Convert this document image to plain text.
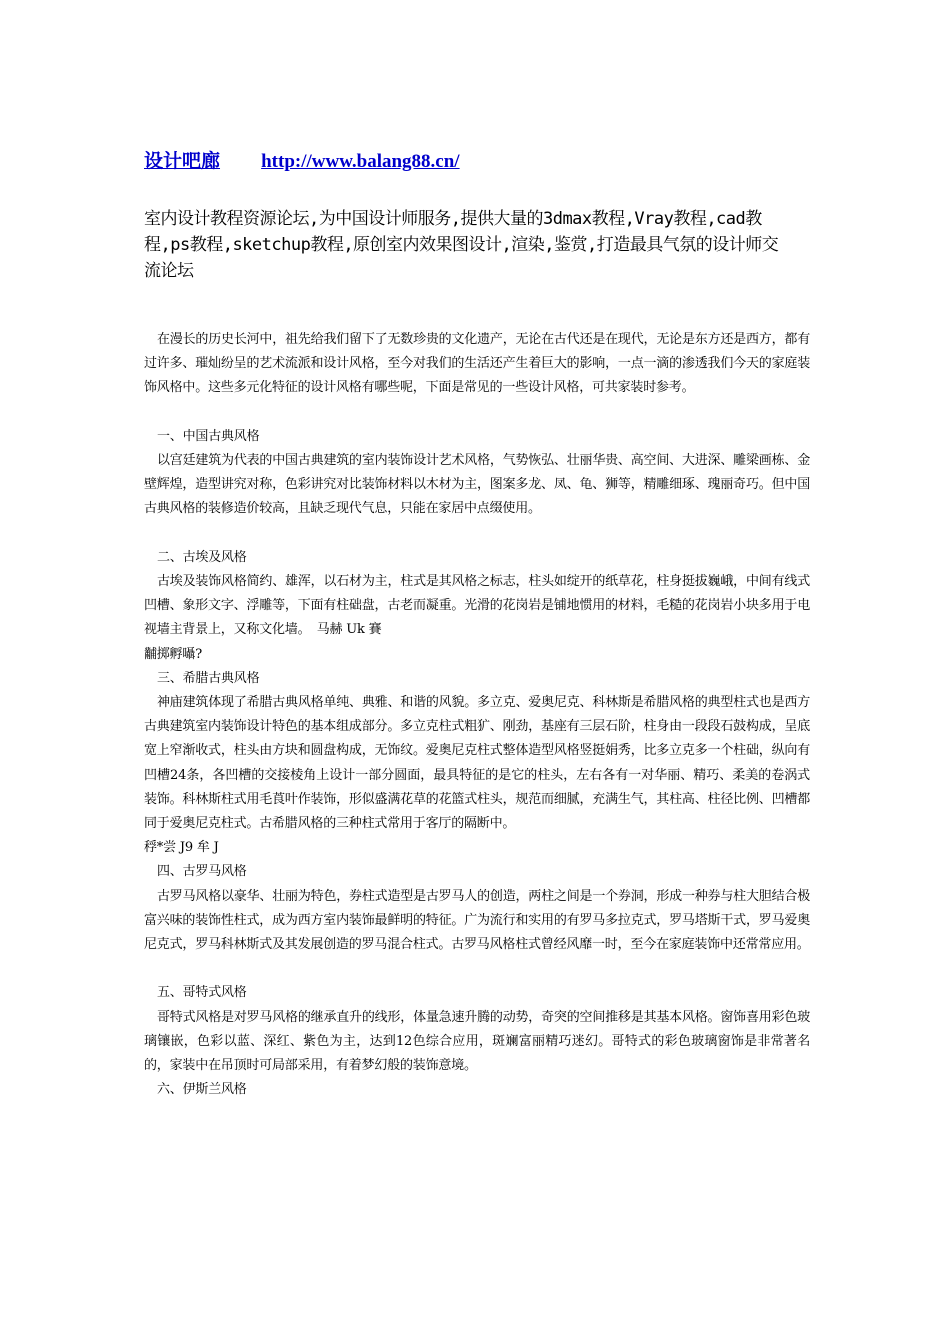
设计吧廊 http://www.balang88.cn/
室内设计教程资源论坛,为中国设计师服务,提供大量的3dmax教程,Vray教程,cad教程,ps教程,sketchup教程,原创室内效果图设计,渲染,鉴赏,打造最具气氛的设计师交流论坛

在漫长的历史长河中，祖先给我们留下了无数珍贵的文化遗产，无论在古代还是在现代，无论是东方还是西方，都有过许多、璀灿纷呈的艺术流派和设计风格，至今对我们的生活还产生着巨大的影响，一点一滴的渗透我们今天的家庭装饰风格中。这些多元化特征的设计风格有哪些呢，下面是常见的一些设计风格，可共家装时参考。

一、中国古典风格

以宫廷建筑为代表的中国古典建筑的室内装饰设计艺术风格，气势恢弘、壮丽华贵、高空间、大进深、雕梁画栋、金壁辉煌，造型讲究对称，色彩讲究对比装饰材料以木材为主，图案多龙、凤、龟、狮等，精雕细琢、瑰丽奇巧。但中国古典风格的装修造价较高，且缺乏现代气息，只能在家居中点缀使用。

二、古埃及风格

古埃及装饰风格简约、雄浑，以石材为主，柱式是其风格之标志，柱头如绽开的纸草花，柱身挺拔巍峨，中间有线式凹槽、象形文字、浮雕等，下面有柱础盘，古老而凝重。光滑的花岗岩是铺地惯用的材料，毛糙的花岗岩小块多用于电视墙主背景上，又称文化墙。　马赫 Uk 賽

黼掷孵囁?

三、希腊古典风格

神庙建筑体现了希腊古典风格单纯、典雅、和谐的风貌。多立克、爱奥尼克、科林斯是希腊风格的典型柱式也是西方古典建筑室内装饰设计特色的基本组成部分。多立克柱式粗犷、刚劲，基座有三层石阶，柱身由一段段石鼓构成，呈底宽上窄渐收式，柱头由方块和圆盘构成，无饰纹。爱奥尼克柱式整体造型风格竖挺娟秀，比多立克多一个柱础，纵向有凹槽24条，各凹槽的交接棱角上设计一部分圆面，最具特征的是它的柱头，左右各有一对华丽、精巧、柔美的卷涡式装饰。科林斯柱式用毛莨叶作装饰，形似盛满花草的花篮式柱头，规范而细腻，充满生气，其柱高、柱径比例、凹槽都同于爱奥尼克柱式。古希腊风格的三种柱式常用于客厅的隔断中。

稃*尝 J9 牟 J

四、古罗马风格

古罗马风格以豪华、壮丽为特色，券柱式造型是古罗马人的创造，两柱之间是一个券洞，形成一种券与柱大胆结合极富兴味的装饰性柱式，成为西方室内装饰最鲜明的特征。广为流行和实用的有罗马多拉克式，罗马塔斯干式，罗马爱奥尼克式，罗马科林斯式及其发展创造的罗马混合柱式。古罗马风格柱式曾经风靡一时，至今在家庭装饰中还常常应用。

五、哥特式风格

哥特式风格是对罗马风格的继承直升的线形，体量急速升腾的动势，奇突的空间推移是其基本风格。窗饰喜用彩色玻璃镶嵌，色彩以蓝、深红、紫色为主，达到12色综合应用，斑斓富丽精巧迷幻。哥特式的彩色玻璃窗饰是非常著名的，家装中在吊顶时可局部采用，有着梦幻般的装饰意境。

六、伊斯兰风格
